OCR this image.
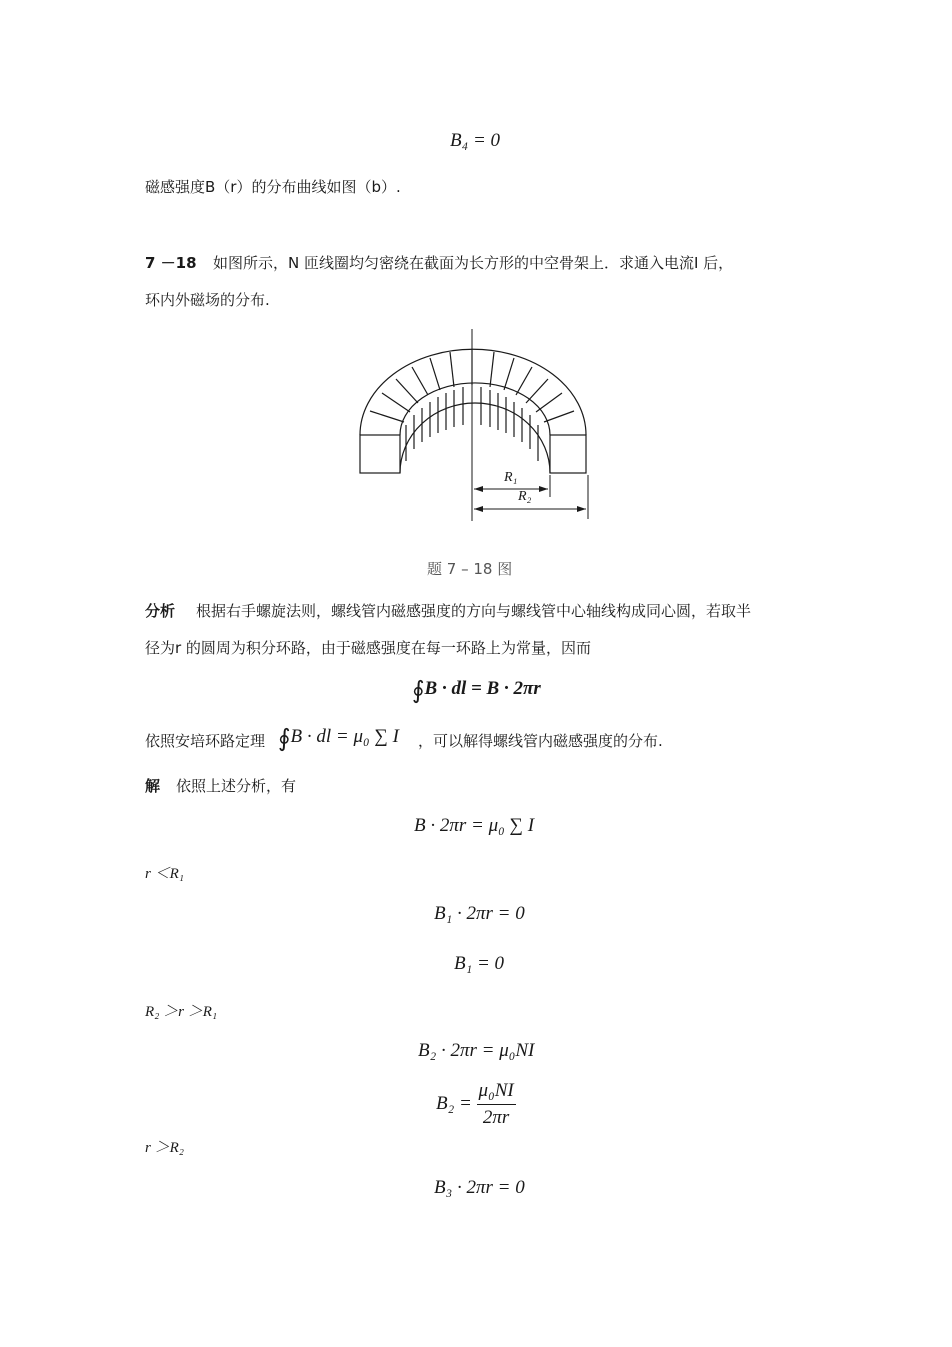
B₄ = 0
磁感强度B（r）的分布曲线如图（b）.
7 －18 如图所示，N 匝线圈均匀密绕在截面为长方形的中空骨架上．求通入电流I 后，
环内外磁场的分布.
R₁
R₂
题 7 – 18 图
分析 根据右手螺旋法则，螺线管内磁感强度的方向与螺线管中心轴线构成同心圆，若取半
径为r 的圆周为积分环路，由于磁感强度在每一环路上为常量，因而
∮B · dl = B · 2πr
依照安培环路定理 ∮B · dl = μ₀ ∑ I ，可以解得螺线管内磁感强度的分布.
解 依照上述分析，有
B · 2πr = μ₀ ∑ I
r ＜R₁
B₁ · 2πr = 0
B₁ = 0
R₂ ＞r ＞R₁
B₂ · 2πr = μ₀NI
$B_2 = \frac{\text{μ₀NI}}{2\pi r}$
r ＞R₂
B₃ · 2πr = 0
